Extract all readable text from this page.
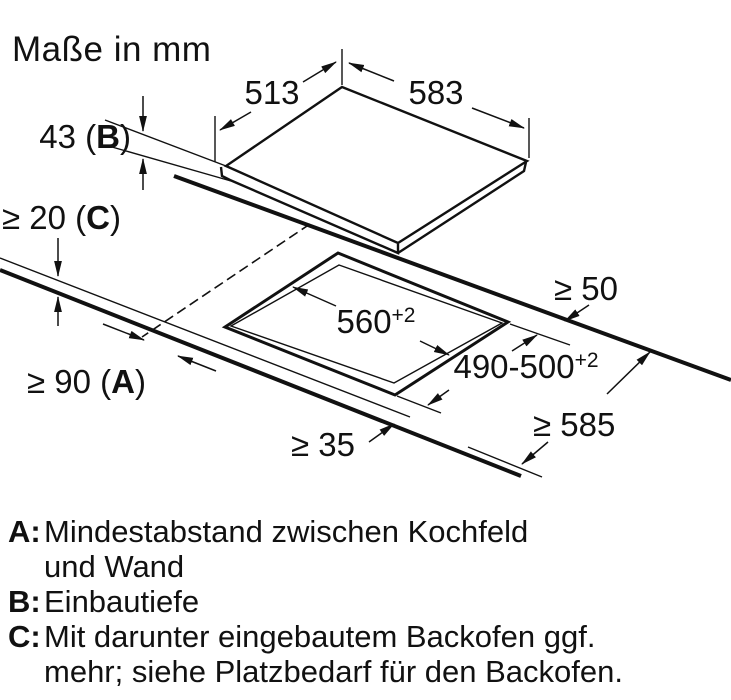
Maße in mm
513	583
43 (B)
≥ 20 (C)
$560^{+2}$
$490-500^{+2}$
≥ 50
≥ 90 (A)
≥ 35
≥ 585
A: Mindestabstand zwischen Kochfeld
und Wand
B: Einbautiefe
C: Mit darunter eingebautem Backofen ggf.
mehr; siehe Platzbedarf für den Backofen.
